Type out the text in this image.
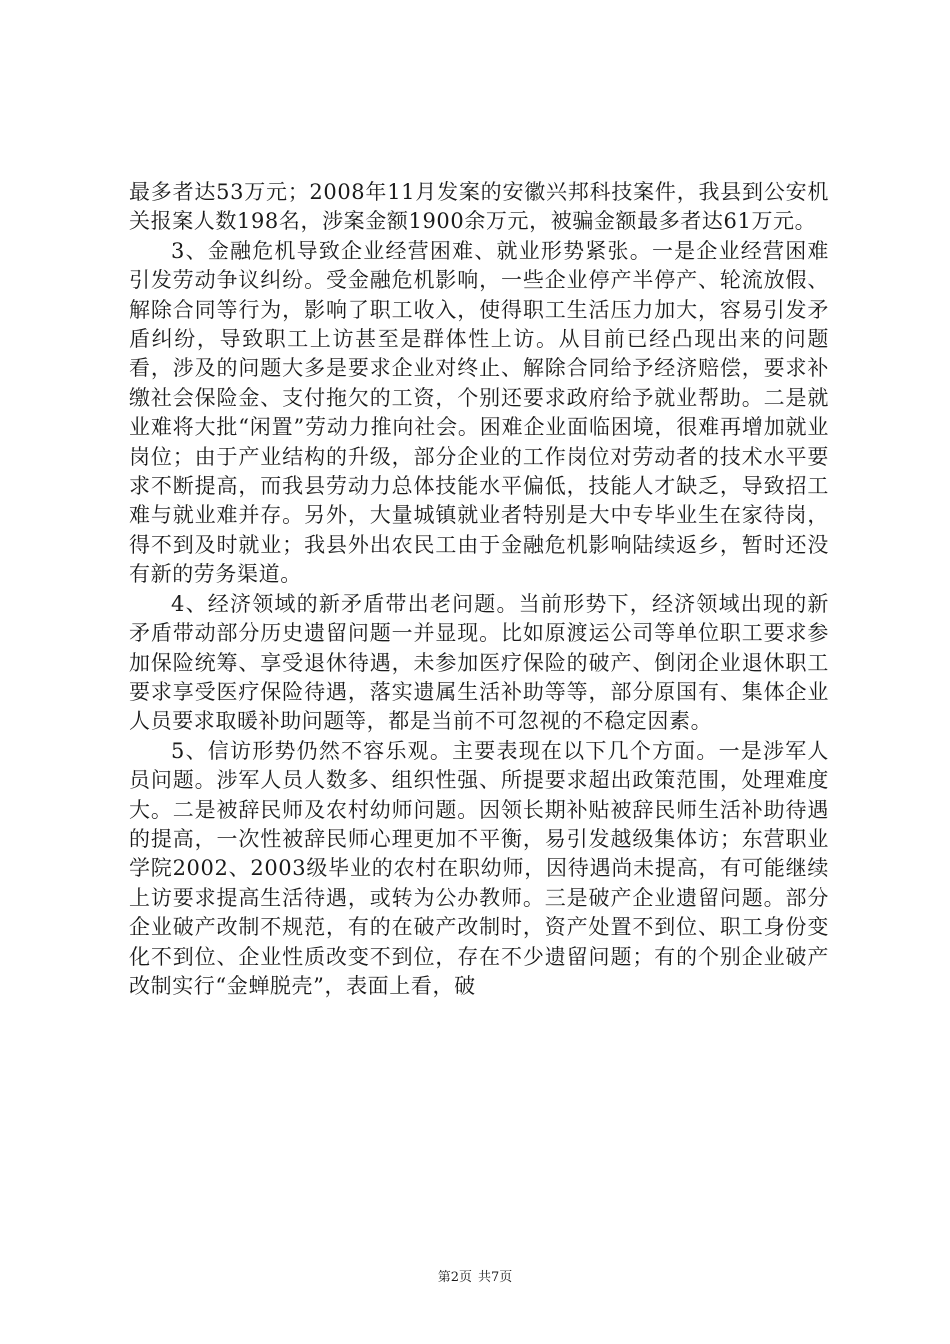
最多者达53万元；2008年11月发案的安徽兴邦科技案件，我县到公安机关报案人数198名，涉案金额1900余万元，被骗金额最多者达61万元。

3、金融危机导致企业经营困难、就业形势紧张。一是企业经营困难引发劳动争议纠纷。受金融危机影响，一些企业停产半停产、轮流放假、解除合同等行为，影响了职工收入，使得职工生活压力加大，容易引发矛盾纠纷，导致职工上访甚至是群体性上访。从目前已经凸现出来的问题看，涉及的问题大多是要求企业对终止、解除合同给予经济赔偿，要求补缴社会保险金、支付拖欠的工资，个别还要求政府给予就业帮助。二是就业难将大批“闲置”劳动力推向社会。困难企业面临困境，很难再增加就业岗位；由于产业结构的升级，部分企业的工作岗位对劳动者的技术水平要求不断提高，而我县劳动力总体技能水平偏低，技能人才缺乏，导致招工难与就业难并存。另外，大量城镇就业者特别是大中专毕业生在家待岗，得不到及时就业；我县外出农民工由于金融危机影响陆续返乡，暂时还没有新的劳务渠道。

4、经济领域的新矛盾带出老问题。当前形势下，经济领域出现的新矛盾带动部分历史遗留问题一并显现。比如原渡运公司等单位职工要求参加保险统筹、享受退休待遇，未参加医疗保险的破产、倒闭企业退休职工要求享受医疗保险待遇，落实遗属生活补助等等，部分原国有、集体企业人员要求取暖补助问题等，都是当前不可忽视的不稳定因素。

5、信访形势仍然不容乐观。主要表现在以下几个方面。一是涉军人员问题。涉军人员人数多、组织性强、所提要求超出政策范围，处理难度大。二是被辞民师及农村幼师问题。因领长期补贴被辞民师生活补助待遇的提高，一次性被辞民师心理更加不平衡，易引发越级集体访；东营职业学院2002、2003级毕业的农村在职幼师，因待遇尚未提高，有可能继续上访要求提高生活待遇，或转为公办教师。三是破产企业遗留问题。部分企业破产改制不规范，有的在破产改制时，资产处置不到位、职工身份变化不到位、企业性质改变不到位，存在不少遗留问题；有的个别企业破产改制实行“金蝉脱壳”，表面上看，破

第2页 共7页
